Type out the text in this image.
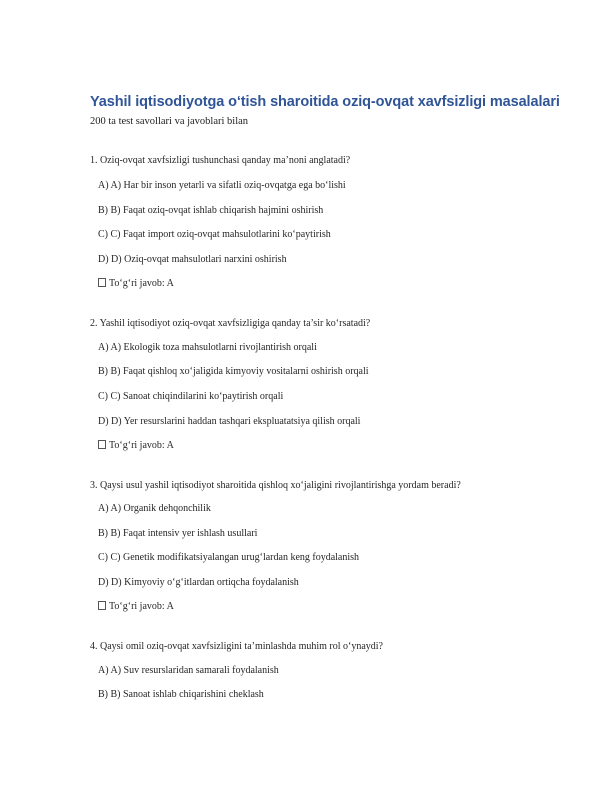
Yashil iqtisodiyotga o‘tish sharoitida oziq-ovqat xavfsizligi masalalari
200 ta test savollari va javoblari bilan
1. Oziq-ovqat xavfsizligi tushunchasi qanday ma’noni anglatadi?
A) A) Har bir inson yetarli va sifatli oziq-ovqatga ega bo‘lishi
B) B) Faqat oziq-ovqat ishlab chiqarish hajmini oshirish
C) C) Faqat import oziq-ovqat mahsulotlarini ko‘paytirish
D) D) Oziq-ovqat mahsulotlari narxini oshirish
To‘g‘ri javob: A
2. Yashil iqtisodiyot oziq-ovqat xavfsizligiga qanday ta’sir ko‘rsatadi?
A) A) Ekologik toza mahsulotlarni rivojlantirish orqali
B) B) Faqat qishloq xo‘jaligida kimyoviy vositalarni oshirish orqali
C) C) Sanoat chiqindilarini ko‘paytirish orqali
D) D) Yer resurslarini haddan tashqari ekspluatatsiya qilish orqali
To‘g‘ri javob: A
3. Qaysi usul yashil iqtisodiyot sharoitida qishloq xo‘jaligini rivojlantirishga yordam beradi?
A) A) Organik dehqonchilik
B) B) Faqat intensiv yer ishlash usullari
C) C) Genetik modifikatsiyalangan urug‘lardan keng foydalanish
D) D) Kimyoviy o‘g‘itlardan ortiqcha foydalanish
To‘g‘ri javob: A
4. Qaysi omil oziq-ovqat xavfsizligini ta’minlashda muhim rol o‘ynaydi?
A) A) Suv resurslaridan samarali foydalanish
B) B) Sanoat ishlab chiqarishini cheklash
